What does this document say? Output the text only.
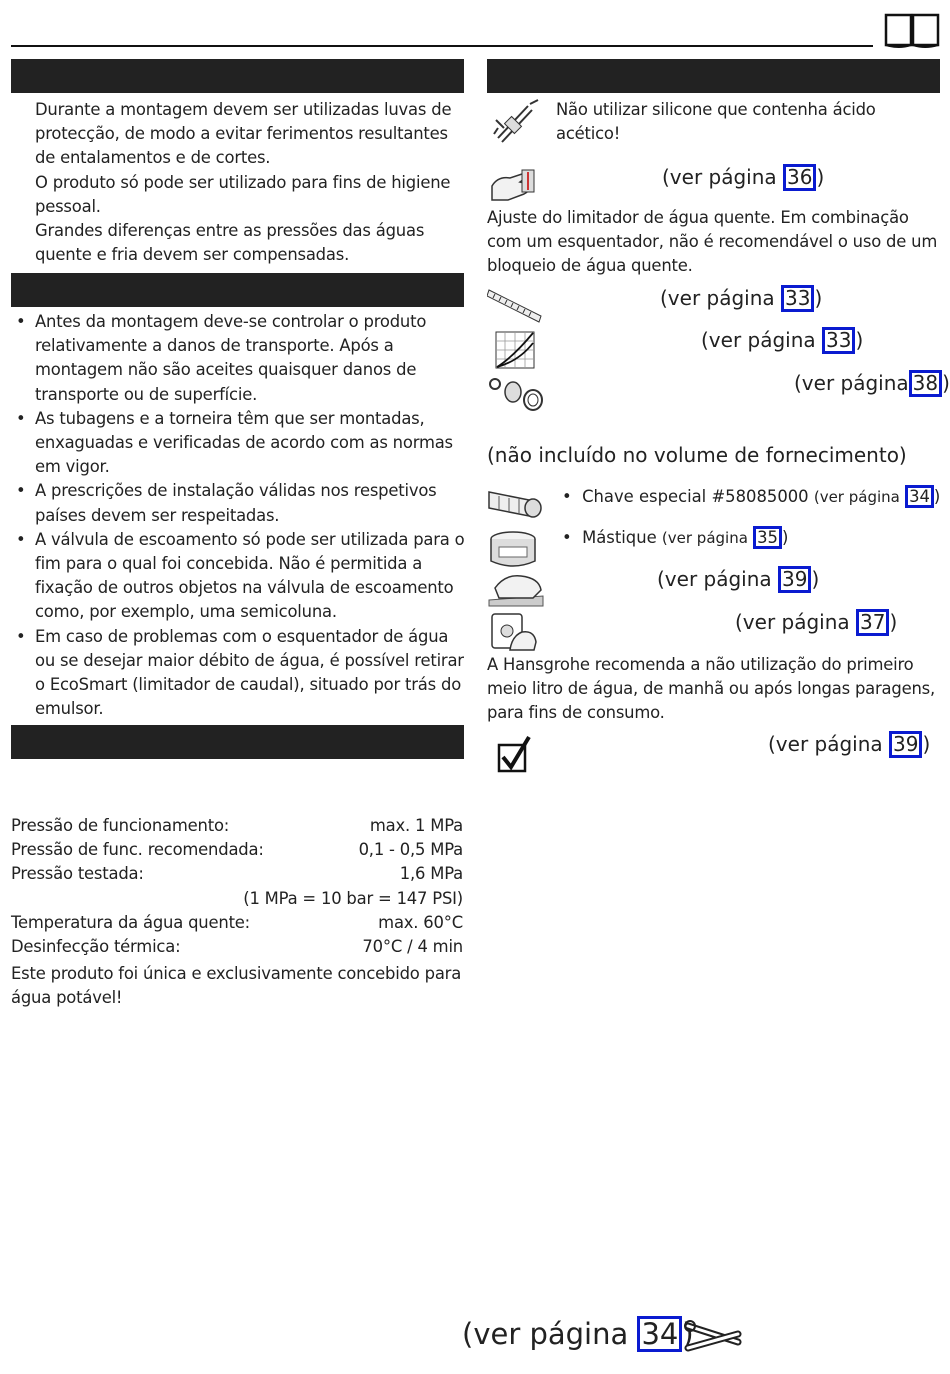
Durante a montagem devem ser utilizadas luvas de protecção, de modo a evitar ferimentos resultantes de entalamentos e de cortes.

O produto só pode ser utilizado para fins de higiene pessoal.

Grandes diferenças entre as pressões das águas quente e fria devem ser compensadas.

• Antes da montagem deve-se controlar o produto relativamente a danos de transporte. Após a montagem não são aceites quaisquer danos de transporte ou de superfície.
• As tubagens e a torneira têm que ser montadas, enxaguadas e verificadas de acordo com as normas em vigor.
• A prescrições de instalação válidas nos respetivos países devem ser respeitadas.
• A válvula de escoamento só pode ser utilizada para o fim para o qual foi concebida. Não é permitida a fixação de outros objetos na válvula de escoamento como, por exemplo, uma semicoluna.
• Em caso de problemas com o esquentador de água ou se desejar maior débito de água, é possível retirar o EcoSmart (limitador de caudal), situado por trás do emulsor.
Pressão de funcionamento:	max. 1 MPa
Pressão de func. recomendada:	0,1 - 0,5 MPa
Pressão testada:	1,6 MPa
(1 MPa = 10 bar = 147 PSI)
Temperatura da água quente:	max. 60°C
Desinfecção térmica:	70°C / 4 min
Este produto foi única e exclusivamente concebido para água potável!
Não utilizar silicone que contenha ácido acético!
(ver página 36 )
Ajuste do limitador de água quente. Em combinação com um esquentador, não é recomendável o uso de um bloqueio de água quente.
(ver página 33 )
(ver página 33 )
(ver página 38 )
(não incluído no volume de fornecimento)
• Chave especial #58085000 (ver página 34 )
• Mástique (ver página 35 )
(ver página 39 )
(ver página 37 )
A Hansgrohe recomenda a não utilização do primeiro meio litro de água, de manhã ou após longas paragens, para fins de consumo.
(ver página 39 )
(ver página 34 )
